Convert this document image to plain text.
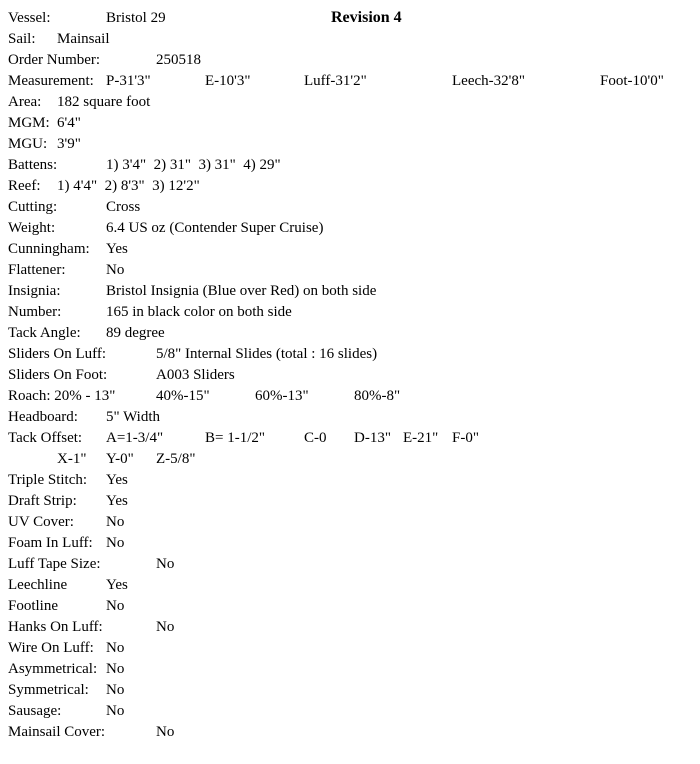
Vessel:	Bristol 29	Revision 4
Sail: Mainsail
Order Number:	250518
Measurement: P-31'3"	E-10'3"	Luff-31'2"	Leech-32'8"	Foot-10'0"
Area: 182 square foot
MGM: 6'4"
MGU: 3'9"
Battens:	1) 3'4"  2) 31"  3) 31"  4) 29"
Reef: 1) 4'4"  2) 8'3"  3) 12'2"
Cutting:	Cross
Weight:	6.4 US oz (Contender Super Cruise)
Cunningham: Yes
Flattener:	No
Insignia:	Bristol Insignia (Blue over Red) on both side
Number:	165 in black color on both side
Tack Angle: 89 degree
Sliders On Luff:	5/8" Internal Slides (total : 16 slides)
Sliders On Foot:	A003 Sliders
Roach: 20% - 13"	40%-15"	60%-13"	80%-8"
Headboard: 5" Width
Tack Offset: A=1-3/4"	B= 1-1/2"	C-0 D-13" E-21" F-0"
X-1" Y-0" Z-5/8"
Triple Stitch: Yes
Draft Strip: Yes
UV Cover: No
Foam In Luff: No
Luff Tape Size:	No
Leechline	Yes
Footline	No
Hanks On Luff:	No
Wire On Luff: No
Asymmetrical: No
Symmetrical: No
Sausage:	No
Mainsail Cover:	No
